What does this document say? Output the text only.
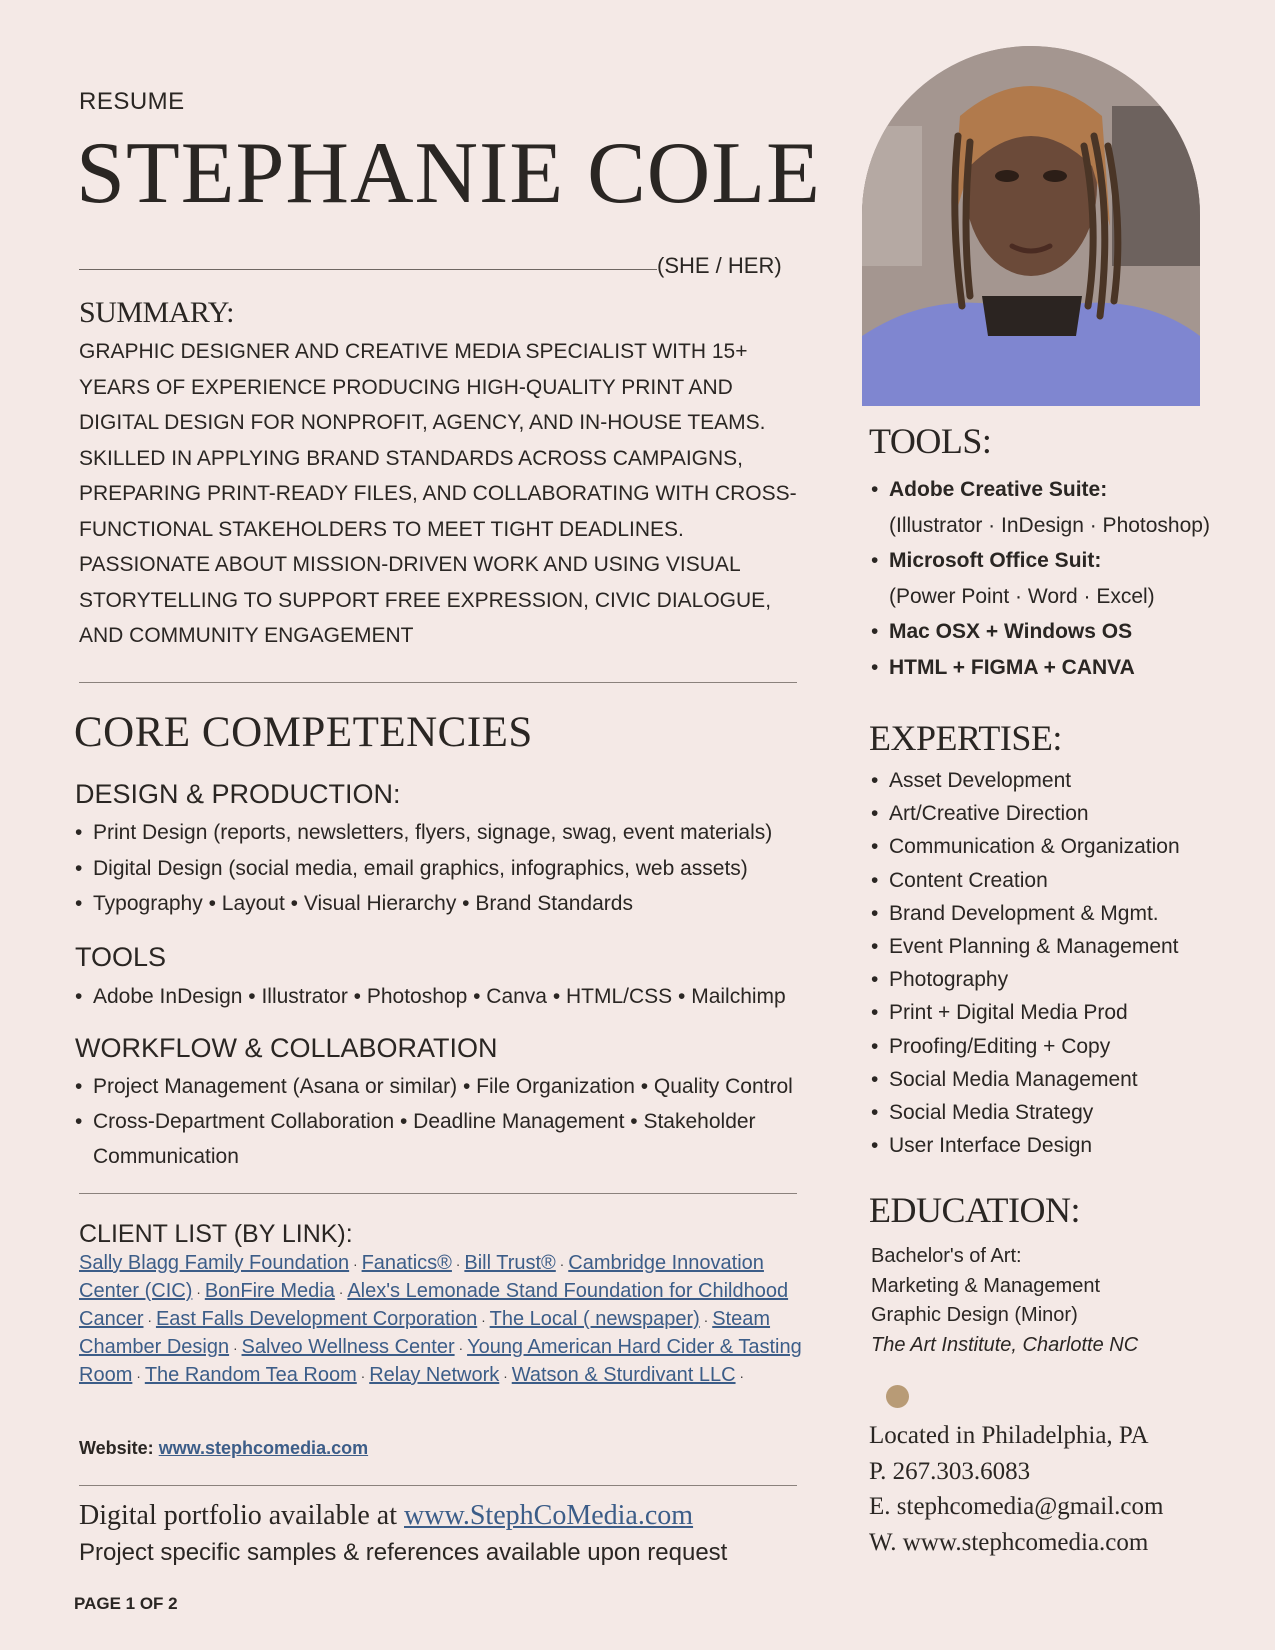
RESUME
STEPHANIE COLE
(SHE / HER)
SUMMARY:
GRAPHIC DESIGNER AND CREATIVE MEDIA SPECIALIST WITH 15+ YEARS OF EXPERIENCE PRODUCING HIGH-QUALITY PRINT AND DIGITAL DESIGN FOR NONPROFIT, AGENCY, AND IN-HOUSE TEAMS. SKILLED IN APPLYING BRAND STANDARDS ACROSS CAMPAIGNS, PREPARING PRINT-READY FILES, AND COLLABORATING WITH CROSS-FUNCTIONAL STAKEHOLDERS TO MEET TIGHT DEADLINES. PASSIONATE ABOUT MISSION-DRIVEN WORK AND USING VISUAL STORYTELLING TO SUPPORT FREE EXPRESSION, CIVIC DIALOGUE, AND COMMUNITY ENGAGEMENT
CORE COMPETENCIES
DESIGN & PRODUCTION:
• Print Design (reports, newsletters, flyers, signage, swag, event materials)
• Digital Design (social media, email graphics, infographics, web assets)
• Typography • Layout • Visual Hierarchy • Brand Standards
TOOLS
• Adobe InDesign • Illustrator • Photoshop • Canva • HTML/CSS • Mailchimp
WORKFLOW & COLLABORATION
• Project Management (Asana or similar) • File Organization • Quality Control
• Cross-Department Collaboration • Deadline Management • Stakeholder Communication
CLIENT LIST (BY LINK):
Sally Blagg Family Foundation · Fanatics® · Bill Trust® · Cambridge Innovation Center (CIC) · BonFire Media · Alex's Lemonade Stand Foundation for Childhood Cancer · East Falls Development Corporation · The Local ( newspaper) · Steam Chamber Design · Salveo Wellness Center · Young American Hard Cider & Tasting Room · The Random Tea Room · Relay Network · Watson & Sturdivant LLC ·
Website: www.stephcomedia.com
Digital portfolio available at www.StephCoMedia.com
Project specific samples & references available upon request
PAGE 1 OF 2
TOOLS:
• Adobe Creative Suite:
(Illustrator · InDesign · Photoshop)
• Microsoft Office Suit:
(Power Point · Word · Excel)
• Mac OSX + Windows OS
• HTML + FIGMA + CANVA
EXPERTISE:
• Asset Development
• Art/Creative Direction
• Communication & Organization
• Content Creation
• Brand Development & Mgmt.
• Event Planning & Management
• Photography
• Print + Digital Media Prod
• Proofing/Editing + Copy
• Social Media Management
• Social Media Strategy
• User Interface Design
EDUCATION:
Bachelor's of Art:
Marketing & Management
Graphic Design (Minor)
The Art Institute, Charlotte NC
Located in Philadelphia, PA
P. 267.303.6083
E. stephcomedia@gmail.com
W. www.stephcomedia.com
